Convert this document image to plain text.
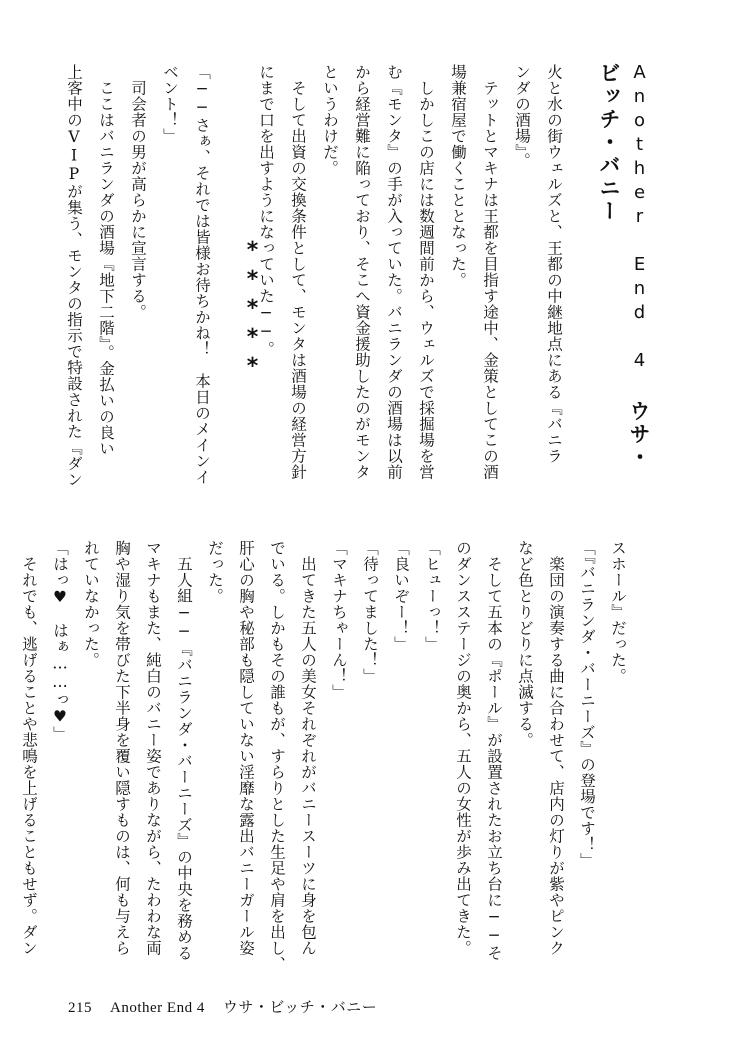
Another End 4ウサ・ビッチ・バニー
火と水の街ウェルズと、王都の中継地点にある『バニラ
ンダの酒場』。
　テットとマキナは王都を目指す途中、金策としてこの酒
場兼宿屋で働くこととなった。
　しかしこの店には数週間前から、ウェルズで採掘場を営
む『モンタ』の手が入っていた。バニランダの酒場は以前
から経営難に陥っており、そこへ資金援助したのがモンタ
というわけだ。
　そして出資の交換条件として、モンタは酒場の経営方針
にまで口を出すようになっていた──。
*****
「──さぁ、それでは皆様お待ちかね！　本日のメインイ
ベント！」
　司会者の男が高らかに宣言する。
　ここはバニランダの酒場『地下二階』。金払いの良い
上客中のVIPが集う、モンタの指示で特設された『ダン
スホール』だった。
「『バニランダ・バーニーズ』の登場です！」
　楽団の演奏する曲に合わせて、店内の灯りが紫やピンク
など色とりどりに点滅する。
　そして五本の『ポール』が設置されたお立ち台に──そ
のダンスステージの奥から、五人の女性が歩み出てきた。
「ヒューっ！」
「良いぞー！」
「待ってました！」
「マキナちゃーん！」
　出てきた五人の美女それぞれがバニースーツに身を包ん
でいる。しかもその誰もが、すらりとした生足や肩を出し、
肝心の胸や秘部も隠していない淫靡な露出バニーガール姿
だった。
　五人組──『バニランダ・バーニーズ』の中央を務める
マキナもまた、純白のバニー姿でありながら、たわわな両
胸や湿り気を帯びた下半身を覆い隠すものは、何も与えら
れていなかった。
「はっ♥　はぁ……っ♥」
　それでも、逃げることや悲鳴を上げることもせず。ダン
215 Another End 4 ウサ・ビッチ・バニー
